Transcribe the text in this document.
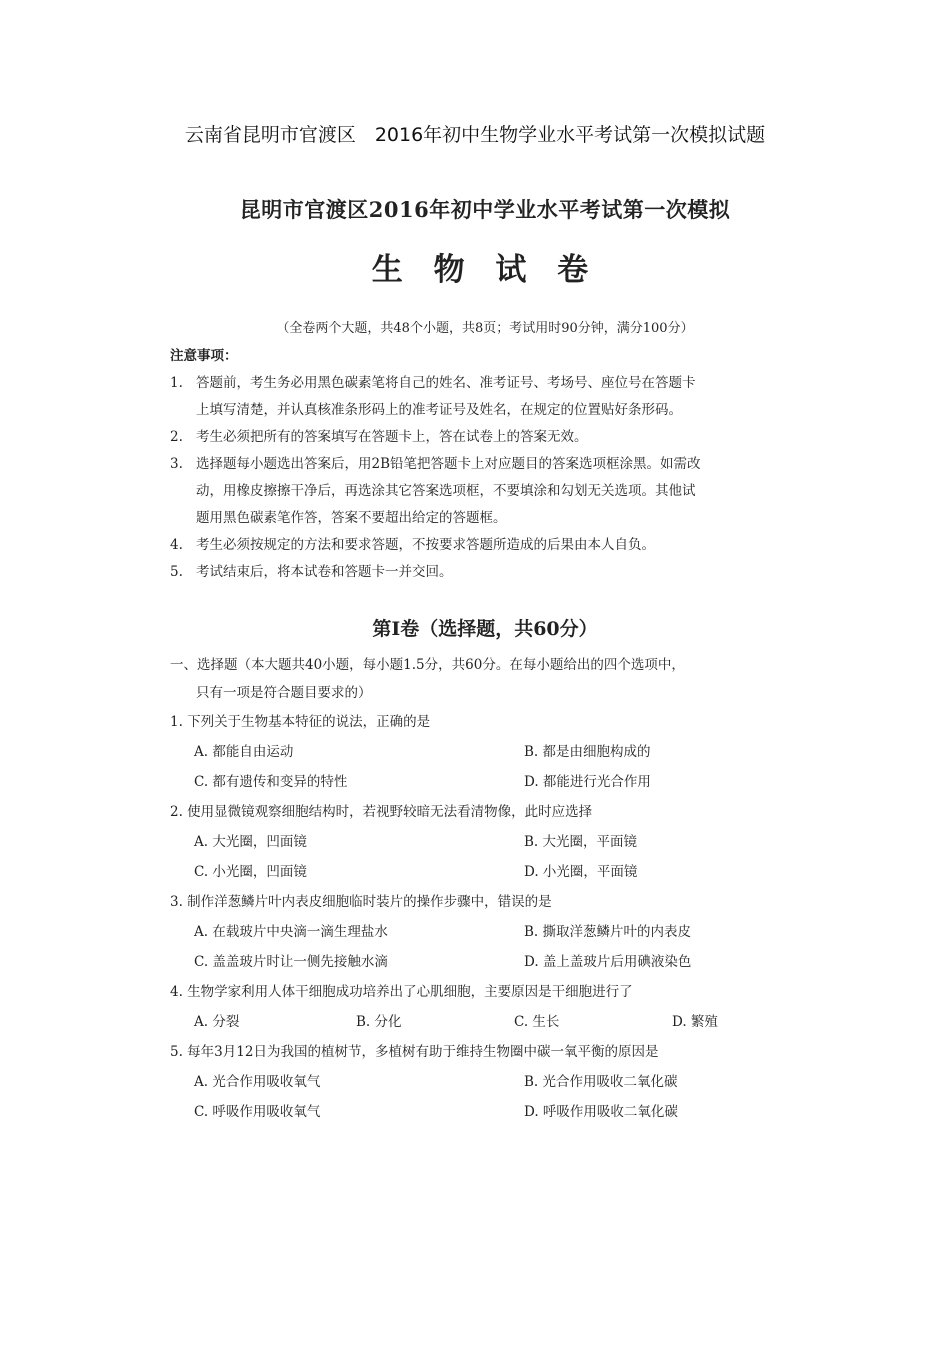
云南省昆明市官渡区　2016年初中生物学业水平考试第一次模拟试题
昆明市官渡区2016年初中学业水平考试第一次模拟
生 物 试 卷
（全卷两个大题，共48个小题，共8页；考试用时90分钟，满分100分）
注意事项：
1. 答题前，考生务必用黑色碳素笔将自己的姓名、准考证号、考场号、座位号在答题卡
上填写清楚，并认真核准条形码上的准考证号及姓名，在规定的位置贴好条形码。
2. 考生必须把所有的答案填写在答题卡上，答在试卷上的答案无效。
3. 选择题每小题选出答案后，用2B铅笔把答题卡上对应题目的答案选项框涂黑。如需改
动，用橡皮擦擦干净后，再选涂其它答案选项框，不要填涂和勾划无关选项。其他试
题用黑色碳素笔作答，答案不要超出给定的答题框。
4. 考生必须按规定的方法和要求答题，不按要求答题所造成的后果由本人自负。
5. 考试结束后，将本试卷和答题卡一并交回。
第Ⅰ卷（选择题，共60分）
一、选择题（本大题共40小题，每小题1.5分，共60分。在每小题给出的四个选项中，
只有一项是符合题目要求的）
1. 下列关于生物基本特征的说法，正确的是
A. 都能自由运动	B. 都是由细胞构成的
C. 都有遗传和变异的特性	D. 都能进行光合作用
2. 使用显微镜观察细胞结构时，若视野较暗无法看清物像，此时应选择
A. 大光圈，凹面镜	B. 大光圈，平面镜
C. 小光圈，凹面镜	D. 小光圈，平面镜
3. 制作洋葱鳞片叶内表皮细胞临时装片的操作步骤中，错误的是
A. 在载玻片中央滴一滴生理盐水	B. 撕取洋葱鳞片叶的内表皮
C. 盖盖玻片时让一侧先接触水滴	D. 盖上盖玻片后用碘液染色
4. 生物学家利用人体干细胞成功培养出了心肌细胞，主要原因是干细胞进行了
A. 分裂	B. 分化	C. 生长	D. 繁殖
5. 每年3月12日为我国的植树节，多植树有助于维持生物圈中碳一氧平衡的原因是
A. 光合作用吸收氧气	B. 光合作用吸收二氧化碳
C. 呼吸作用吸收氧气	D. 呼吸作用吸收二氧化碳
